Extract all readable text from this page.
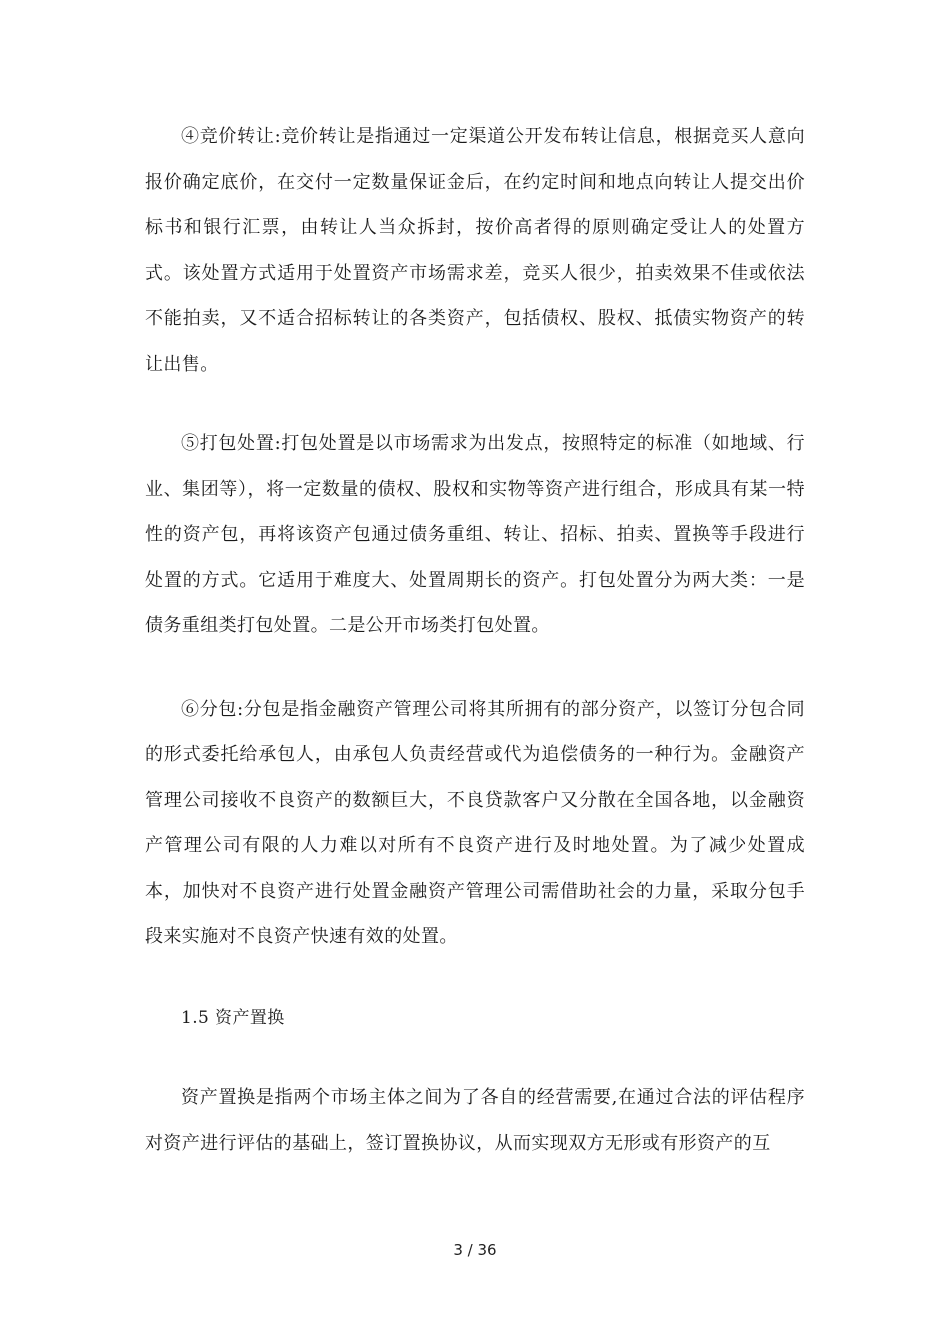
④竞价转让:竞价转让是指通过一定渠道公开发布转让信息，根据竞买人意向报价确定底价，在交付一定数量保证金后，在约定时间和地点向转让人提交出价标书和银行汇票，由转让人当众拆封，按价高者得的原则确定受让人的处置方式。该处置方式适用于处置资产市场需求差，竞买人很少，拍卖效果不佳或依法不能拍卖，又不适合招标转让的各类资产，包括债权、股权、抵债实物资产的转让出售。

⑤打包处置:打包处置是以市场需求为出发点，按照特定的标准（如地域、行业、集团等），将一定数量的债权、股权和实物等资产进行组合，形成具有某一特性的资产包，再将该资产包通过债务重组、转让、招标、拍卖、置换等手段进行处置的方式。它适用于难度大、处置周期长的资产。打包处置分为两大类：一是债务重组类打包处置。二是公开市场类打包处置。

⑥分包:分包是指金融资产管理公司将其所拥有的部分资产，以签订分包合同的形式委托给承包人，由承包人负责经营或代为追偿债务的一种行为。金融资产管理公司接收不良资产的数额巨大，不良贷款客户又分散在全国各地，以金融资产管理公司有限的人力难以对所有不良资产进行及时地处置。为了减少处置成本，加快对不良资产进行处置金融资产管理公司需借助社会的力量，采取分包手段来实施对不良资产快速有效的处置。

1.5 资产置换

资产置换是指两个市场主体之间为了各自的经营需要,在通过合法的评估程序对资产进行评估的基础上，签订置换协议，从而实现双方无形或有形资产的互

3 / 36
